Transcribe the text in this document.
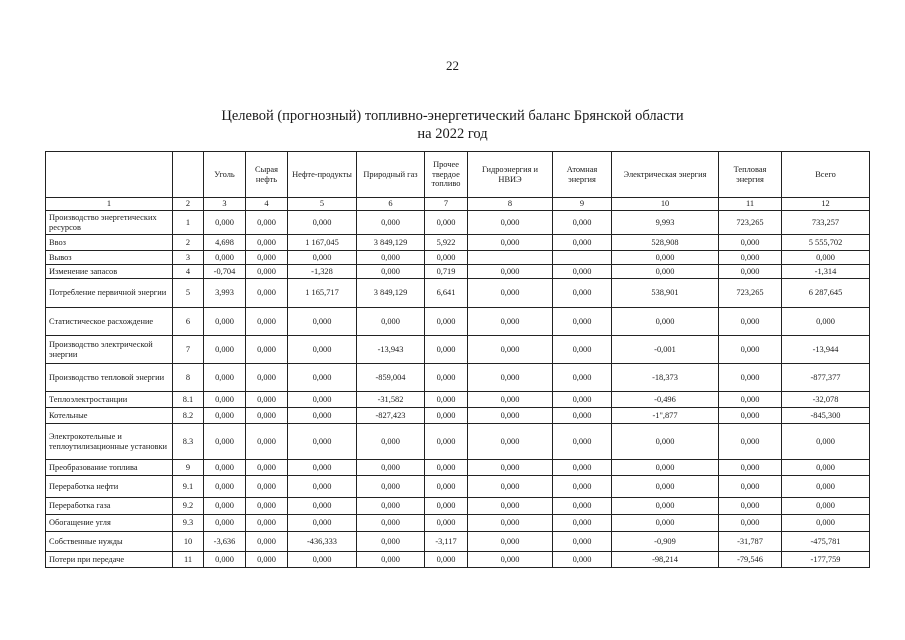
22
Целевой (прогнозный) топливно-энергетический баланс Брянской области
на 2022 год
		Уголь	Сырая нефть	Нефте-продукты	Природный газ	Прочее твердое топливо	Гидроэнергия и НВИЭ	Атомная энергия	Электрическая энергия	Тепловая энергия	Всего
1	2	3	4	5	6	7	8	9	10	11	12
Производство энергетических ресурсов	1	0,000	0,000	0,000	0,000	0,000	0,000	0,000	9,993	723,265	733,257
Ввоз	2	4,698	0,000	1 167,045	3 849,129	5,922	0,000	0,000	528,908	0,000	5 555,702
Вывоз	3	0,000	0,000	0,000	0,000	0,000			0,000	0,000	0,000
Изменение запасов	4	-0,704	0,000	-1,328	0,000	0,719	0,000	0,000	0,000	0,000	-1,314
Потребление первичной энергии	5	3,993	0,000	1 165,717	3 849,129	6,641	0,000	0,000	538,901	723,265	6 287,645
Статистическое расхождение	6	0,000	0,000	0,000	0,000	0,000	0,000	0,000	0,000	0,000	0,000
Производство электрической энергии	7	0,000	0,000	0,000	-13,943	0,000	0,000	0,000	-0,001	0,000	-13,944
Производство тепловой энергии	8	0,000	0,000	0,000	-859,004	0,000	0,000	0,000	-18,373	0,000	-877,377
Теплоэлектростанции	8.1	0,000	0,000	0,000	-31,582	0,000	0,000	0,000	-0,496	0,000	-32,078
Котельные	8.2	0,000	0,000	0,000	-827,423	0,000	0,000	0,000	-1",877	0,000	-845,300
Электрокотельные и теплоутилизационные установки	8.3	0,000	0,000	0,000	0,000	0,000	0,000	0,000	0,000	0,000	0,000
Преобразование топлива	9	0,000	0,000	0,000	0,000	0,000	0,000	0,000	0,000	0,000	0,000
Переработка нефти	9.1	0,000	0,000	0,000	0,000	0,000	0,000	0,000	0,000	0,000	0,000
Переработка газа	9.2	0,000	0,000	0,000	0,000	0,000	0,000	0,000	0,000	0,000	0,000
Обогащение угля	9.3	0,000	0,000	0,000	0,000	0,000	0,000	0,000	0,000	0,000	0,000
Собственные нужды	10	-3,636	0,000	-436,333	0,000	-3,117	0,000	0,000	-0,909	-31,787	-475,781
Потери при передаче	11	0,000	0,000	0,000	0,000	0,000	0,000	0,000	-98,214	-79,546	-177,759
